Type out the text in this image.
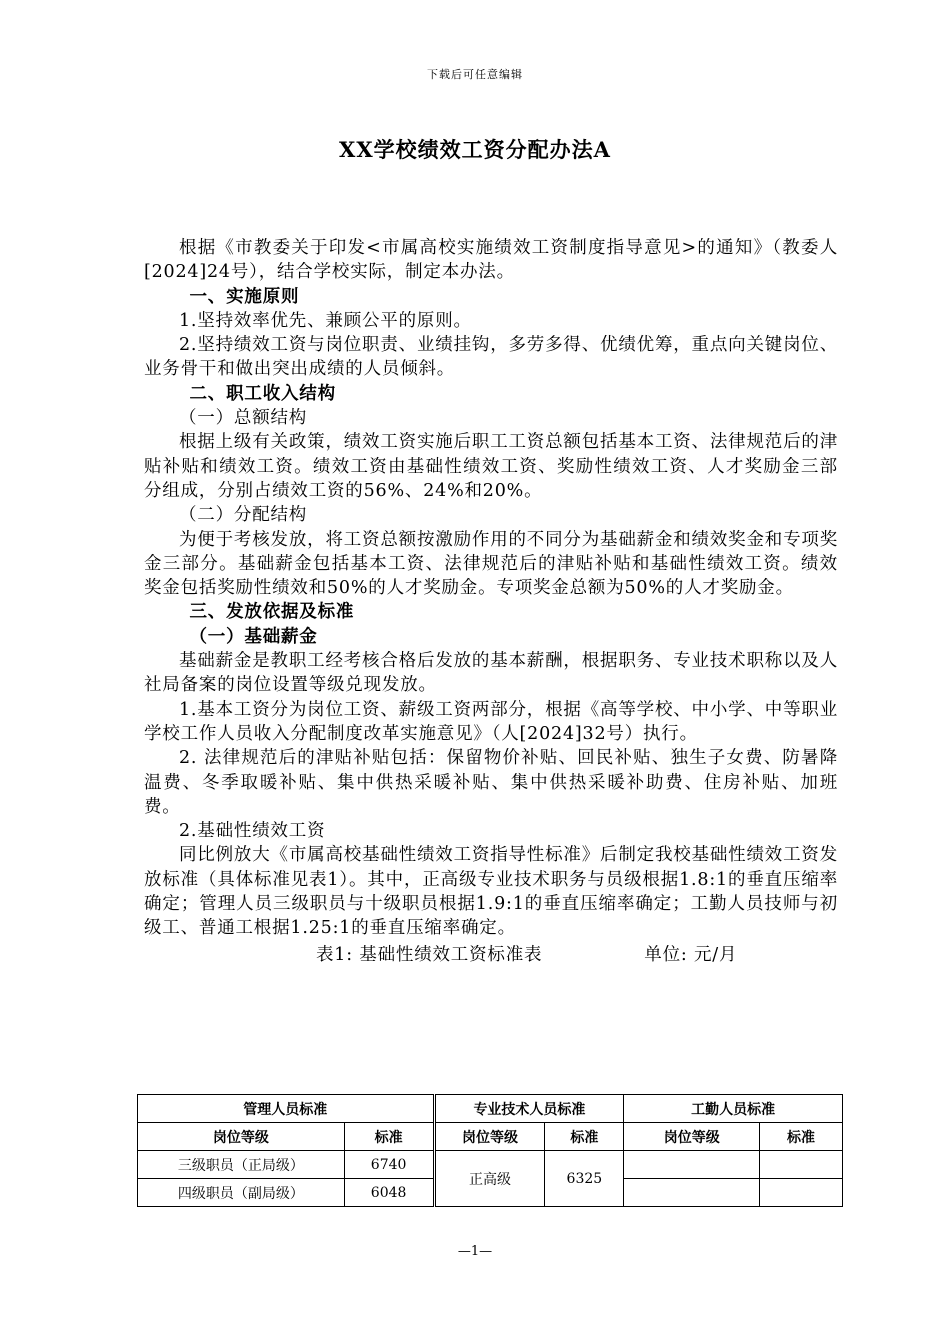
下载后可任意编辑
XX学校绩效工资分配办法A

根据《市教委关于印发<市属高校实施绩效工资制度指导意见>的通知》（教委人[2024]24号），结合学校实际，制定本办法。

一、实施原则

1.坚持效率优先、兼顾公平的原则。

2.坚持绩效工资与岗位职责、业绩挂钩，多劳多得、优绩优筹，重点向关键岗位、业务骨干和做出突出成绩的人员倾斜。

二、职工收入结构

（一）总额结构

根据上级有关政策，绩效工资实施后职工工资总额包括基本工资、法律规范后的津贴补贴和绩效工资。绩效工资由基础性绩效工资、奖励性绩效工资、人才奖励金三部分组成，分别占绩效工资的56%、24%和20%。

（二）分配结构

为便于考核发放，将工资总额按激励作用的不同分为基础薪金和绩效奖金和专项奖金三部分。基础薪金包括基本工资、法律规范后的津贴补贴和基础性绩效工资。绩效奖金包括奖励性绩效和50%的人才奖励金。专项奖金总额为50%的人才奖励金。

三、发放依据及标准

（一）基础薪金

基础薪金是教职工经考核合格后发放的基本薪酬，根据职务、专业技术职称以及人社局备案的岗位设置等级兑现发放。

1.基本工资分为岗位工资、薪级工资两部分，根据《高等学校、中小学、中等职业学校工作人员收入分配制度改革实施意见》（人[2024]32号）执行。

2. 法律规范后的津贴补贴包括：保留物价补贴、回民补贴、独生子女费、防暑降温费、冬季取暖补贴、集中供热采暖补贴、集中供热采暖补助费、住房补贴、加班费。

2.基础性绩效工资

同比例放大《市属高校基础性绩效工资指导性标准》后制定我校基础性绩效工资发放标准（具体标准见表1）。其中，正高级专业技术职务与员级根据1.8:1的垂直压缩率确定；管理人员三级职员与十级职员根据1.9:1的垂直压缩率确定；工勤人员技师与初级工、普通工根据1.25:1的垂直压缩率确定。

表1: 基础性绩效工资标准表	单位: 元/月

管理人员标准		专业技术人员标准		工勤人员标准	
岗位等级	标准	岗位等级	标准	岗位等级	标准
三级职员（正局级）	6740	正高级	6325		
四级职员（副局级）	6048				
—1—
